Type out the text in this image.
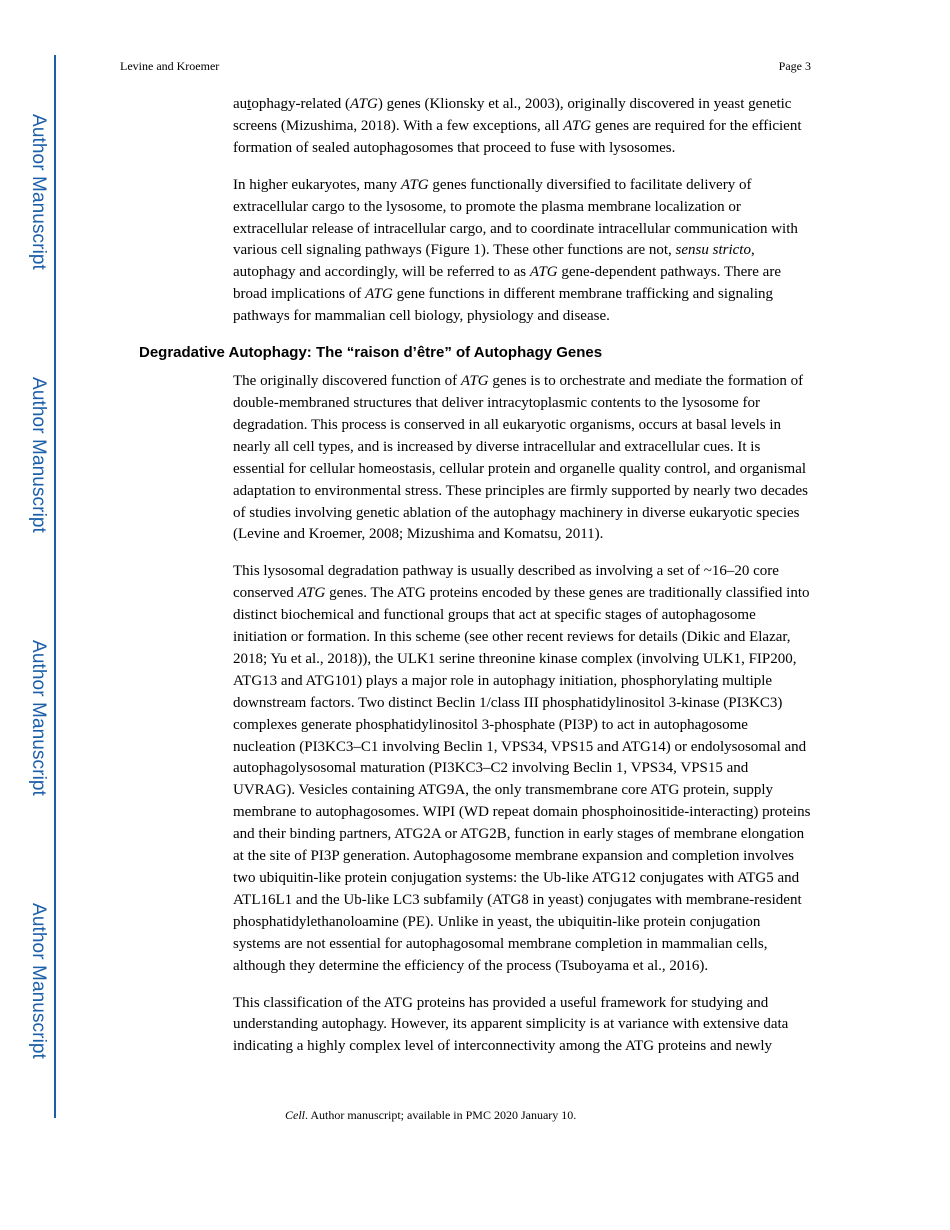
Author Manuscript
Author Manuscript
Author Manuscript
Author Manuscript
Levine and Kroemer	Page 3

autophagy-related (ATG) genes (Klionsky et al., 2003), originally discovered in yeast genetic screens (Mizushima, 2018). With a few exceptions, all ATG genes are required for the efficient formation of sealed autophagosomes that proceed to fuse with lysosomes.

In higher eukaryotes, many ATG genes functionally diversified to facilitate delivery of extracellular cargo to the lysosome, to promote the plasma membrane localization or extracellular release of intracellular cargo, and to coordinate intracellular communication with various cell signaling pathways (Figure 1). These other functions are not, sensu stricto, autophagy and accordingly, will be referred to as ATG gene-dependent pathways. There are broad implications of ATG gene functions in different membrane trafficking and signaling pathways for mammalian cell biology, physiology and disease.

Degradative Autophagy: The “raison d’être” of Autophagy Genes

The originally discovered function of ATG genes is to orchestrate and mediate the formation of double-membraned structures that deliver intracytoplasmic contents to the lysosome for degradation. This process is conserved in all eukaryotic organisms, occurs at basal levels in nearly all cell types, and is increased by diverse intracellular and extracellular cues. It is essential for cellular homeostasis, cellular protein and organelle quality control, and organismal adaptation to environmental stress. These principles are firmly supported by nearly two decades of studies involving genetic ablation of the autophagy machinery in diverse eukaryotic species (Levine and Kroemer, 2008; Mizushima and Komatsu, 2011).

This lysosomal degradation pathway is usually described as involving a set of ~16–20 core conserved ATG genes. The ATG proteins encoded by these genes are traditionally classified into distinct biochemical and functional groups that act at specific stages of autophagosome initiation or formation. In this scheme (see other recent reviews for details (Dikic and Elazar, 2018; Yu et al., 2018)), the ULK1 serine threonine kinase complex (involving ULK1, FIP200, ATG13 and ATG101) plays a major role in autophagy initiation, phosphorylating multiple downstream factors. Two distinct Beclin 1/class III phosphatidylinositol 3-kinase (PI3KC3) complexes generate phosphatidylinositol 3-phosphate (PI3P) to act in autophagosome nucleation (PI3KC3–C1 involving Beclin 1, VPS34, VPS15 and ATG14) or endolysosomal and autophagolysosomal maturation (PI3KC3–C2 involving Beclin 1, VPS34, VPS15 and UVRAG). Vesicles containing ATG9A, the only transmembrane core ATG protein, supply membrane to autophagosomes. WIPI (WD repeat domain phosphoinositide-interacting) proteins and their binding partners, ATG2A or ATG2B, function in early stages of membrane elongation at the site of PI3P generation. Autophagosome membrane expansion and completion involves two ubiquitin-like protein conjugation systems: the Ub-like ATG12 conjugates with ATG5 and ATL16L1 and the Ub-like LC3 subfamily (ATG8 in yeast) conjugates with membrane-resident phosphatidylethanoloamine (PE). Unlike in yeast, the ubiquitin-like protein conjugation systems are not essential for autophagosomal membrane completion in mammalian cells, although they determine the efficiency of the process (Tsuboyama et al., 2016).

This classification of the ATG proteins has provided a useful framework for studying and understanding autophagy. However, its apparent simplicity is at variance with extensive data indicating a highly complex level of interconnectivity among the ATG proteins and newly

Cell. Author manuscript; available in PMC 2020 January 10.
